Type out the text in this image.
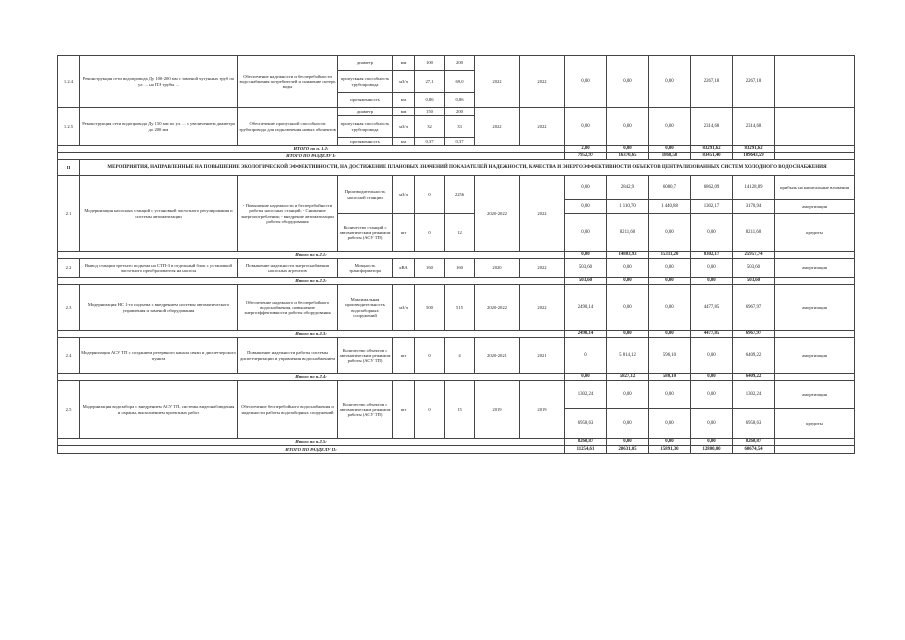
1.2.4	Реконструкция сети водопровода Ду 100-200 мм с заменой чугунных труб по ул. ... на ПЭ трубы ...	Обеспечение надежности и бесперебойности водоснабжения потребителей и снижение потерь воды	диаметр	мм	100	200	2022	2022	0,00	0,00	0,00	2267,18	2267,18	
			пропускная способность трубопровода	м3/ч	27,1	69,0								
			протяженность	км	0,86	0,86								
1.2.5	Реконструкция сети водопровода Ду 150 мм по ул. ... с увеличением диаметра до 200 мм	Обеспечение пропускной способности трубопровода для подключения новых абонентов	диаметр	мм	150	200	2022	2022	0,00	0,00	0,00	2314,68	2314,68	
			пропускная способность трубопровода	м3/ч	32	33								
			протяженность	км	0,37	0,37								
ИТОГО по п. 1.2:									2,00	0,00	0,00	83291,62	83291,62	
ИТОГО ПО РАЗДЕЛУ I:									7952,97	16370,65	1868,58	83451,40	109643,59	
II	МЕРОПРИЯТИЯ, НАПРАВЛЕННЫЕ НА ПОВЫШЕНИЕ ЭКОЛОГИЧЕСКОЙ ЭФФЕКТИВНОСТИ, НА ДОСТИЖЕНИЕ ПЛАНОВЫХ ЗНАЧЕНИЙ ПОКАЗАТЕЛЕЙ НАДЕЖНОСТИ, КАЧЕСТВА И ЭНЕРГОЭФФЕКТИВНОСТИ ОБЪЕКТОВ ЦЕНТРАЛИЗОВАННЫХ СИСТЕМ ХОЛОДНОГО ВОДОСНАБЖЕНИЯ													
2.1	Модернизация насосных станций с установкой частотного регулирования и системы автоматизации	- Повышение надежности и бесперебойности работы насосных станций; - Снижение энергопотребления; - внедрение автоматизации работы оборудования	Производительность насосной станции	м3/ч	0	2256	2020-2022	2022	0,00	2842,9	6080,7	6862,09	14128,89	прибыль на капитальные вложения
									0,00	1 110,70	1 440,88	1302,17	3170,94	амортизация
			Количество станций с автоматическим режимом работы (АСУ ТП)	шт	0	12			0,00	8211,60	0,00	0,00	8211,60	кредиты
Итого по п.2.1:									0,00	14803,93	15311,20	8302,17	25957,74	
2.2	Вывод станции третьего подъема на СТП-3 в отдельный блок с установкой частотного преобразователя на насосы	Повышение надежности энергоснабжения насосных агрегатов	Мощность трансформатора	кВА	160	160	2020	2022	503,60	0,00	0,00	0,00	503,60	амортизация
Итого по п.2.2:									503,60	0,00	0,00	0,00	503,60	
2.3	Модернизация НС 1-го подъема с внедрением системы автоматического управления и заменой оборудования	Обеспечение надежного и бесперебойного водоснабжения, повышение энергоэффективности работы оборудования	Максимальная производительность водозаборных сооружений	м3/ч	500	515	2020-2022	2022	2490,14	0,00	0,00	4477,85	6967,97	амортизация
Итого по п.2.3:									2490,14	0,00	0,00	4477,85	6967,97	
2.4	Модернизация АСУ ТП с созданием резервного канала связи и диспетчерского пункта	Повышение надежности работы системы диспетчеризации и управления водоснабжением	Количество объектов с автоматическим режимом работы (АСУ ТП)	шт	0	4	2020-2021	2021	0	5 814,12	596,10	0,00	6409,22	амортизация
Итого по п.2.4:									0,00	5827,12	580,10	0,00	6409,22	
2.5	Модернизация водозабора с внедрением АСУ ТП, системы видеонаблюдения и охраны, выполнением проектных работ	Обеспечение бесперебойного водоснабжения и надежности работы водозаборных сооружений	Количество объектов с автоматическим режимом работы (АСУ ТП)	шт	0	15	2019	2019	1302,24	0,00	0,00	0,00	1302,24	амортизация
									6958,63	0,00	0,00	0,00	6958,63	кредиты
Итого по п.2.5:									8260,87	0,00	0,00	0,00	8260,87	
ИТОГО ПО РАЗДЕЛУ II:									11254,61	20631,05	15891,30	12800,00	60674,54	
